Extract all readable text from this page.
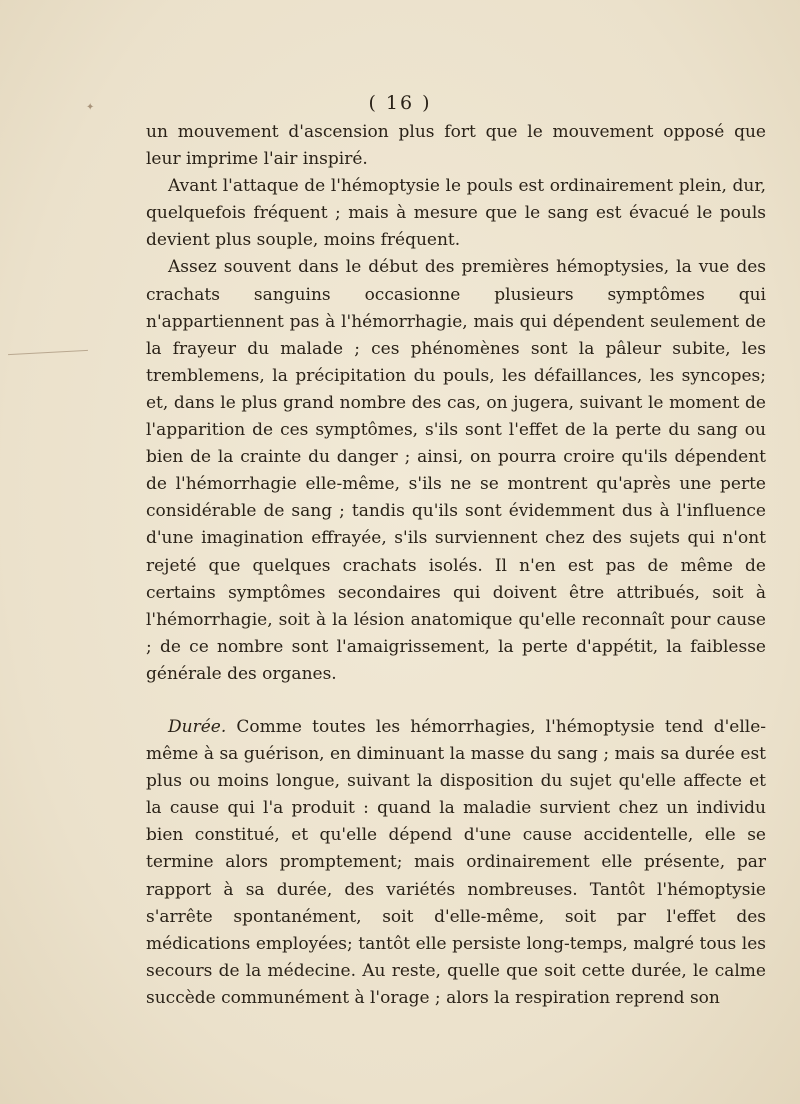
✦	( 16 )

un mouvement d'ascension plus fort que le mouvement opposé que leur imprime l'air inspiré.

Avant l'attaque de l'hémoptysie le pouls est ordinairement plein, dur, quelquefois fréquent ; mais à mesure que le sang est évacué le pouls devient plus souple, moins fréquent.

Assez souvent dans le début des premières hémoptysies, la vue des crachats sanguins occasionne plusieurs symptômes qui n'appartiennent pas à l'hémorrhagie, mais qui dépendent seulement de la frayeur du malade ; ces phénomènes sont la pâleur subite, les tremblemens, la précipitation du pouls, les défaillances, les syncopes; et, dans le plus grand nombre des cas, on jugera, suivant le moment de l'apparition de ces symptômes, s'ils sont l'effet de la perte du sang ou bien de la crainte du danger ; ainsi, on pourra croire qu'ils dépendent de l'hémorrhagie elle-même, s'ils ne se montrent qu'après une perte considérable de sang ; tandis qu'ils sont évidemment dus à l'influence d'une imagination effrayée, s'ils surviennent chez des sujets qui n'ont rejeté que quelques crachats isolés. Il n'en est pas de même de certains symptômes secondaires qui doivent être attribués, soit à l'hémorrhagie, soit à la lésion anatomique qu'elle reconnaît pour cause ; de ce nombre sont l'amaigrissement, la perte d'appétit, la faiblesse générale des organes.

Durée. Comme toutes les hémorrhagies, l'hémoptysie tend d'elle-même à sa guérison, en diminuant la masse du sang ; mais sa durée est plus ou moins longue, suivant la disposition du sujet qu'elle affecte et la cause qui l'a produit : quand la maladie survient chez un individu bien constitué, et qu'elle dépend d'une cause accidentelle, elle se termine alors promptement; mais ordinairement elle présente, par rapport à sa durée, des variétés nombreuses. Tantôt l'hémoptysie s'arrête spontanément, soit d'elle-même, soit par l'effet des médications employées; tantôt elle persiste long-temps, malgré tous les secours de la médecine. Au reste, quelle que soit cette durée, le calme succède communément à l'orage ; alors la respiration reprend son
